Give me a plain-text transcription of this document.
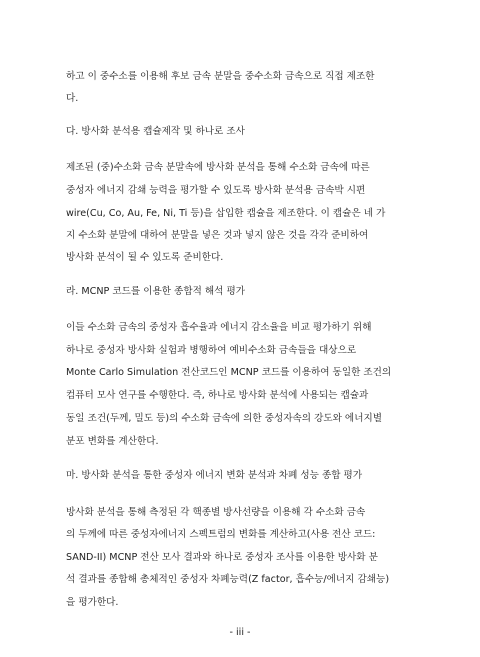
하고 이 중수소를 이용해 후보 금속 분말을 중수소화 금속으로 직접 제조한
다.
다. 방사화 분석용 캡슐제작 및 하나로 조사
제조된 (중)수소화 금속 분말속에 방사화 분석을 통해 수소화 금속에 따른
중성자 에너지 감쇄 능력을 평가할 수 있도록 방사화 분석용 금속박 시편
wire(Cu, Co, Au, Fe, Ni, Ti 등)을 삽입한 캡슐을 제조한다. 이 캡슐은 네 가
지 수소화 분말에 대하여 분말을 넣은 것과 넣지 않은 것을 각각 준비하여
방사화 분석이 될 수 있도록 준비한다.
라. MCNP 코드를 이용한 종합적 해석 평가
이들 수소화 금속의 중성자 흡수율과 에너지 감소율을 비교 평가하기 위해
하나로 중성자 방사화 실험과 병행하여 예비수소화 금속들을 대상으로
Monte Carlo Simulation 전산코드인 MCNP 코드를 이용하여 동일한 조건의
컴퓨터 모사 연구를 수행한다. 즉, 하나로 방사화 분석에 사용되는 캡슐과
동일 조건(두께, 밀도 등)의 수소화 금속에 의한 중성자속의 강도와 에너지별
분포 변화를 계산한다.
마. 방사화 분석을 통한 중성자 에너지 변화 분석과 차폐 성능 종합 평가
방사화 분석을 통해 측정된 각 핵종별 방사선량을 이용해 각 수소화 금속
의 두께에 따른 중성자에너지 스펙트럼의 변화를 계산하고(사용 전산 코드:
SAND-II) MCNP 전산 모사 결과와 하나로 중성자 조사를 이용한 방사화 분
석 결과를 종합해 총체적인 중성자 차폐능력(Z factor, 흡수능/에너지 감쇄능)
을 평가한다.
- iii -
